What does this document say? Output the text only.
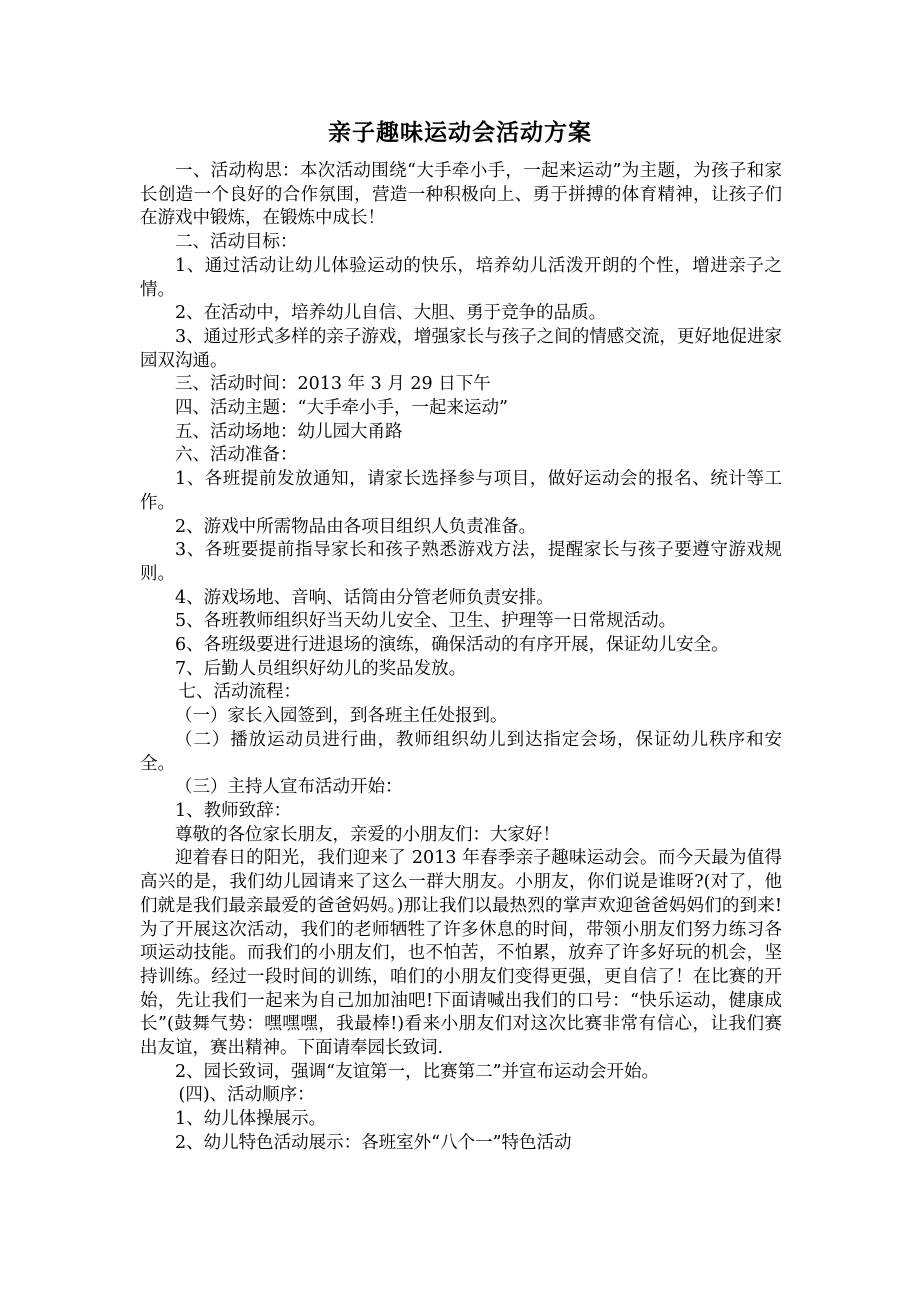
亲子趣味运动会活动方案

一、活动构思：本次活动围绕“大手牵小手，一起来运动”为主题，为孩子和家长创造一个良好的合作氛围，营造一种积极向上、勇于拼搏的体育精神，让孩子们在游戏中锻炼，在锻炼中成长！

二、活动目标：

1、通过活动让幼儿体验运动的快乐，培养幼儿活泼开朗的个性，增进亲子之情。

2、在活动中，培养幼儿自信、大胆、勇于竞争的品质。

3、通过形式多样的亲子游戏，增强家长与孩子之间的情感交流，更好地促进家园双沟通。

三、活动时间：2013 年 3 月 29 日下午

四、活动主题：“大手牵小手，一起来运动”

五、活动场地：幼儿园大甬路

六、活动准备：

1、各班提前发放通知，请家长选择参与项目，做好运动会的报名、统计等工作。

2、游戏中所需物品由各项目组织人负责准备。

3、各班要提前指导家长和孩子熟悉游戏方法，提醒家长与孩子要遵守游戏规则。

4、游戏场地、音响、话筒由分管老师负责安排。

5、各班教师组织好当天幼儿安全、卫生、护理等一日常规活动。

6、各班级要进行进退场的演练，确保活动的有序开展，保证幼儿安全。

7、后勤人员组织好幼儿的奖品发放。

七、活动流程：

（一）家长入园签到，到各班主任处报到。

（二）播放运动员进行曲，教师组织幼儿到达指定会场，保证幼儿秩序和安全。

（三）主持人宣布活动开始：

1、教师致辞：

尊敬的各位家长朋友，亲爱的小朋友们：大家好！

迎着春日的阳光，我们迎来了 2013 年春季亲子趣味运动会。而今天最为值得高兴的是，我们幼儿园请来了这么一群大朋友。小朋友，你们说是谁呀?(对了，他们就是我们最亲最爱的爸爸妈妈。)那让我们以最热烈的掌声欢迎爸爸妈妈们的到来!为了开展这次活动，我们的老师牺牲了许多休息的时间，带领小朋友们努力练习各项运动技能。而我们的小朋友们，也不怕苦，不怕累，放弃了许多好玩的机会，坚持训练。经过一段时间的训练，咱们的小朋友们变得更强，更自信了！在比赛的开始，先让我们一起来为自己加加油吧!下面请喊出我们的口号：“快乐运动，健康成长”(鼓舞气势：嘿嘿嘿，我最棒!)看来小朋友们对这次比赛非常有信心，让我们赛出友谊，赛出精神。下面请奉园长致词.

2、园长致词，强调“友谊第一，比赛第二”并宣布运动会开始。

(四)、活动顺序：

1、幼儿体操展示。

2、幼儿特色活动展示：各班室外“八个一”特色活动
